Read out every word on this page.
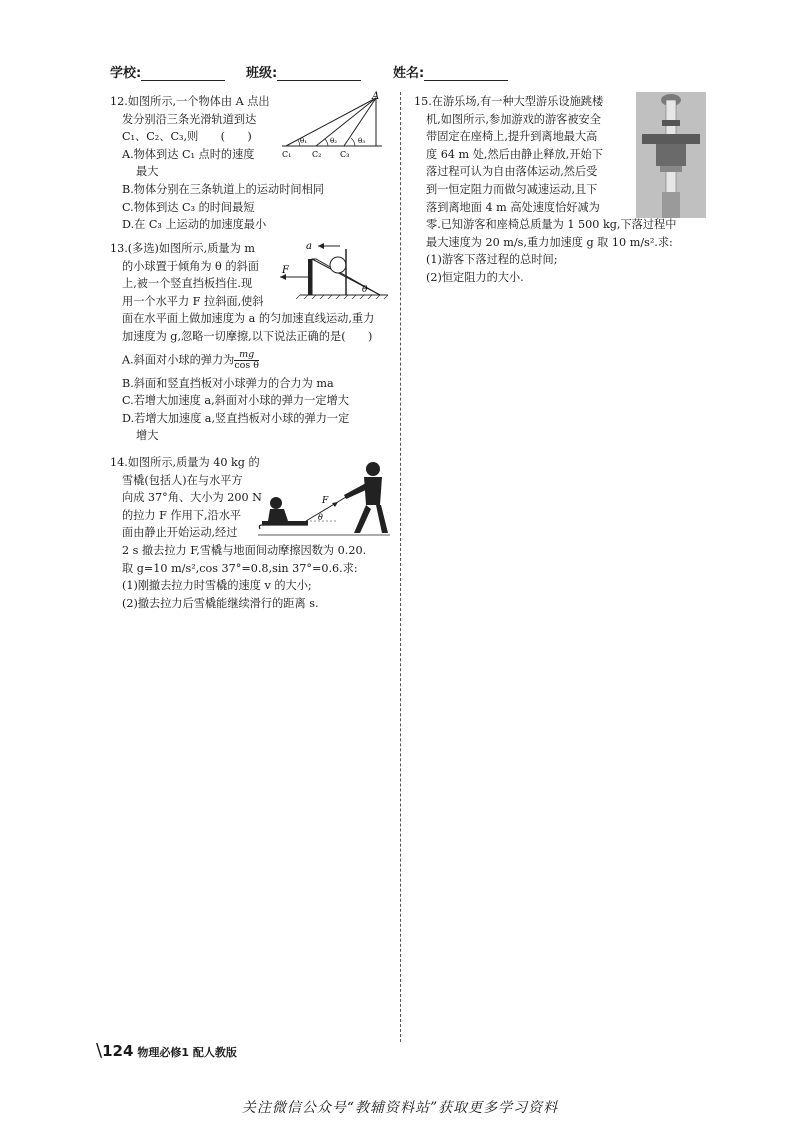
学校:	班级:	姓名:

12.如图所示,一个物体由 A 点出

发分别沿三条光滑轨道到达

C₁、C₂、C₃,则　　(　　)

A.物体到达 C₁ 点时的速度

最大

B.物体分别在三条轨道上的运动时间相同

C.物体到达 C₃ 的时间最短

D.在 C₃ 上运动的加速度最小

A
C₁	C₂ C₃
θ₁	θ₂	θ₃

13.(多选)如图所示,质量为 m

的小球置于倾角为 θ 的斜面

上,被一个竖直挡板挡住.现

用一个水平力 F 拉斜面,使斜

面在水平面上做加速度为 a 的匀加速直线运动,重力

加速度为 g,忽略一切摩擦,以下说法正确的是(　　)

A.斜面对小球的弹力为 $\frac{mg}{\text{cos θ}}$

B.斜面和竖直挡板对小球弹力的合力为 ma

C.若增大加速度 a,斜面对小球的弹力一定增大

D.若增大加速度 a,竖直挡板对小球的弹力一定

增大

a
F
θ

14.如图所示,质量为 40 kg 的

雪橇(包括人)在与水平方

向成 37°角、大小为 200 N

的拉力 F 作用下,沿水平

面由静止开始运动,经过

2 s 撤去拉力 F,雪橇与地面间动摩擦因数为 0.20.

取 g=10 m/s²,cos 37°=0.8,sin 37°=0.6.求:

(1)刚撤去拉力时雪橇的速度 v 的大小;

(2)撤去拉力后雪橇能继续滑行的距离 s.

F
θ

15.在游乐场,有一种大型游乐设施跳楼

机,如图所示,参加游戏的游客被安全

带固定在座椅上,提升到离地最大高

度 64 m 处,然后由静止释放,开始下

落过程可认为自由落体运动,然后受

到一恒定阻力而做匀减速运动,且下

落到离地面 4 m 高处速度恰好减为

零.已知游客和座椅总质量为 1 500 kg,下落过程中

最大速度为 20 m/s,重力加速度 g 取 10 m/s².求:

(1)游客下落过程的总时间;

(2)恒定阻力的大小.

\124 物理必修1 配人教版
关注微信公众号“教辅资料站”获取更多学习资料
